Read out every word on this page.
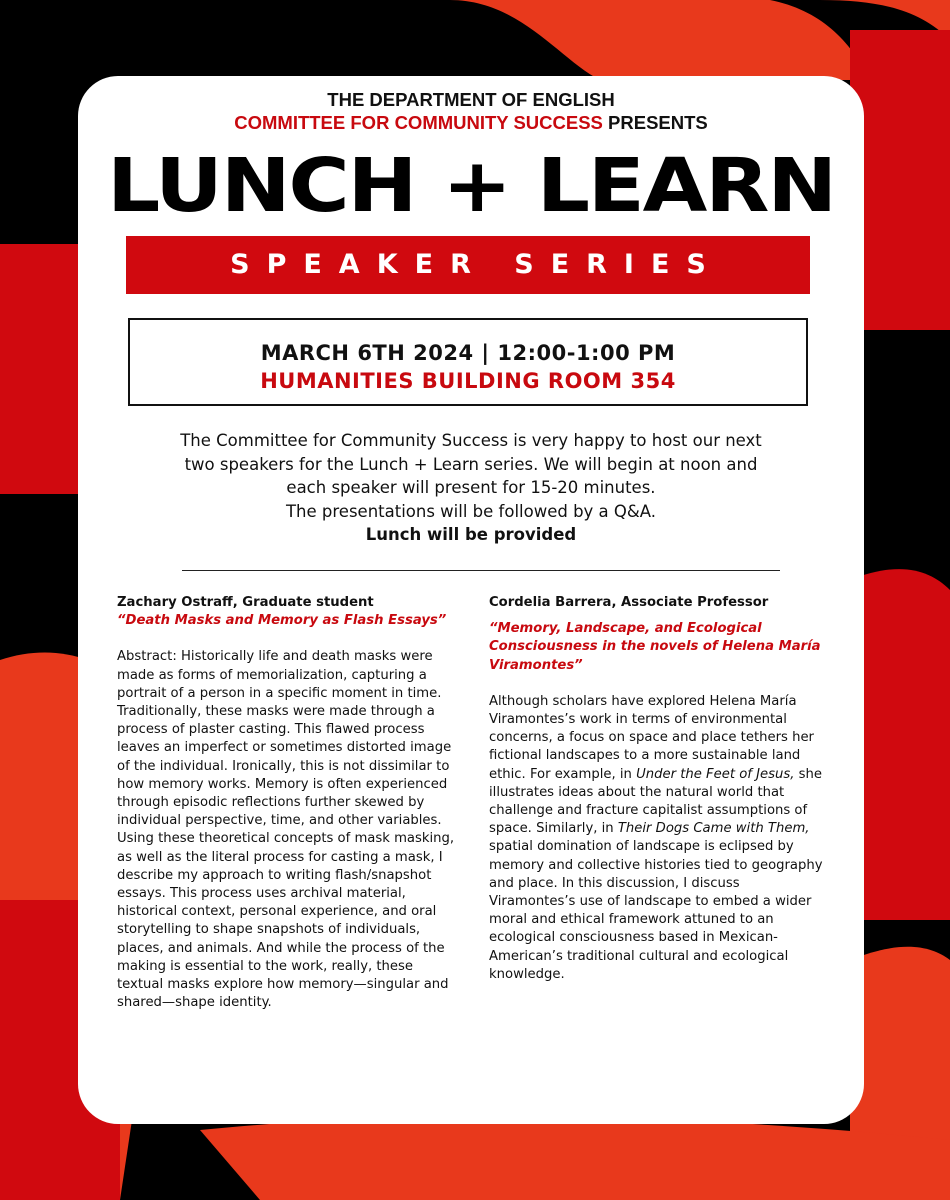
THE DEPARTMENT OF ENGLISH
COMMITTEE FOR COMMUNITY SUCCESS PRESENTS
LUNCH + LEARN
SPEAKER SERIES
MARCH 6TH 2024 | 12:00-1:00 PM
HUMANITIES BUILDING ROOM 354
The Committee for Community Success is very happy to host our next
two speakers for the Lunch + Learn series. We will begin at noon and
each speaker will present for 15-20 minutes.
The presentations will be followed by a Q&A.
Lunch will be provided

Zachary Ostraff, Graduate student

“Death Masks and Memory as Flash Essays”

Abstract: Historically life and death masks were made as forms of memorialization, capturing a portrait of a person in a specific moment in time. Traditionally, these masks were made through a process of plaster casting. This flawed process leaves an imperfect or sometimes distorted image of the individual. Ironically, this is not dissimilar to how memory works. Memory is often experienced through episodic reflections further skewed by individual perspective, time, and other variables. Using these theoretical concepts of mask masking, as well as the literal process for casting a mask, I describe my approach to writing flash/snapshot essays. This process uses archival material, historical context, personal experience, and oral storytelling to shape snapshots of individuals, places, and animals. And while the process of the making is essential to the work, really, these textual masks explore how memory—singular and shared—shape identity.

Cordelia Barrera, Associate Professor

“Memory, Landscape, and Ecological Consciousness in the novels of Helena María Viramontes”

Although scholars have explored Helena María Viramontes’s work in terms of environmental concerns, a focus on space and place tethers her fictional landscapes to a more sustainable land ethic. For example, in Under the Feet of Jesus, she illustrates ideas about the natural world that challenge and fracture capitalist assumptions of space. Similarly, in Their Dogs Came with Them, spatial domination of landscape is eclipsed by memory and collective histories tied to geography and place. In this discussion, I discuss Viramontes’s use of landscape to embed a wider moral and ethical framework attuned to an ecological consciousness based in Mexican-American’s traditional cultural and ecological knowledge.
